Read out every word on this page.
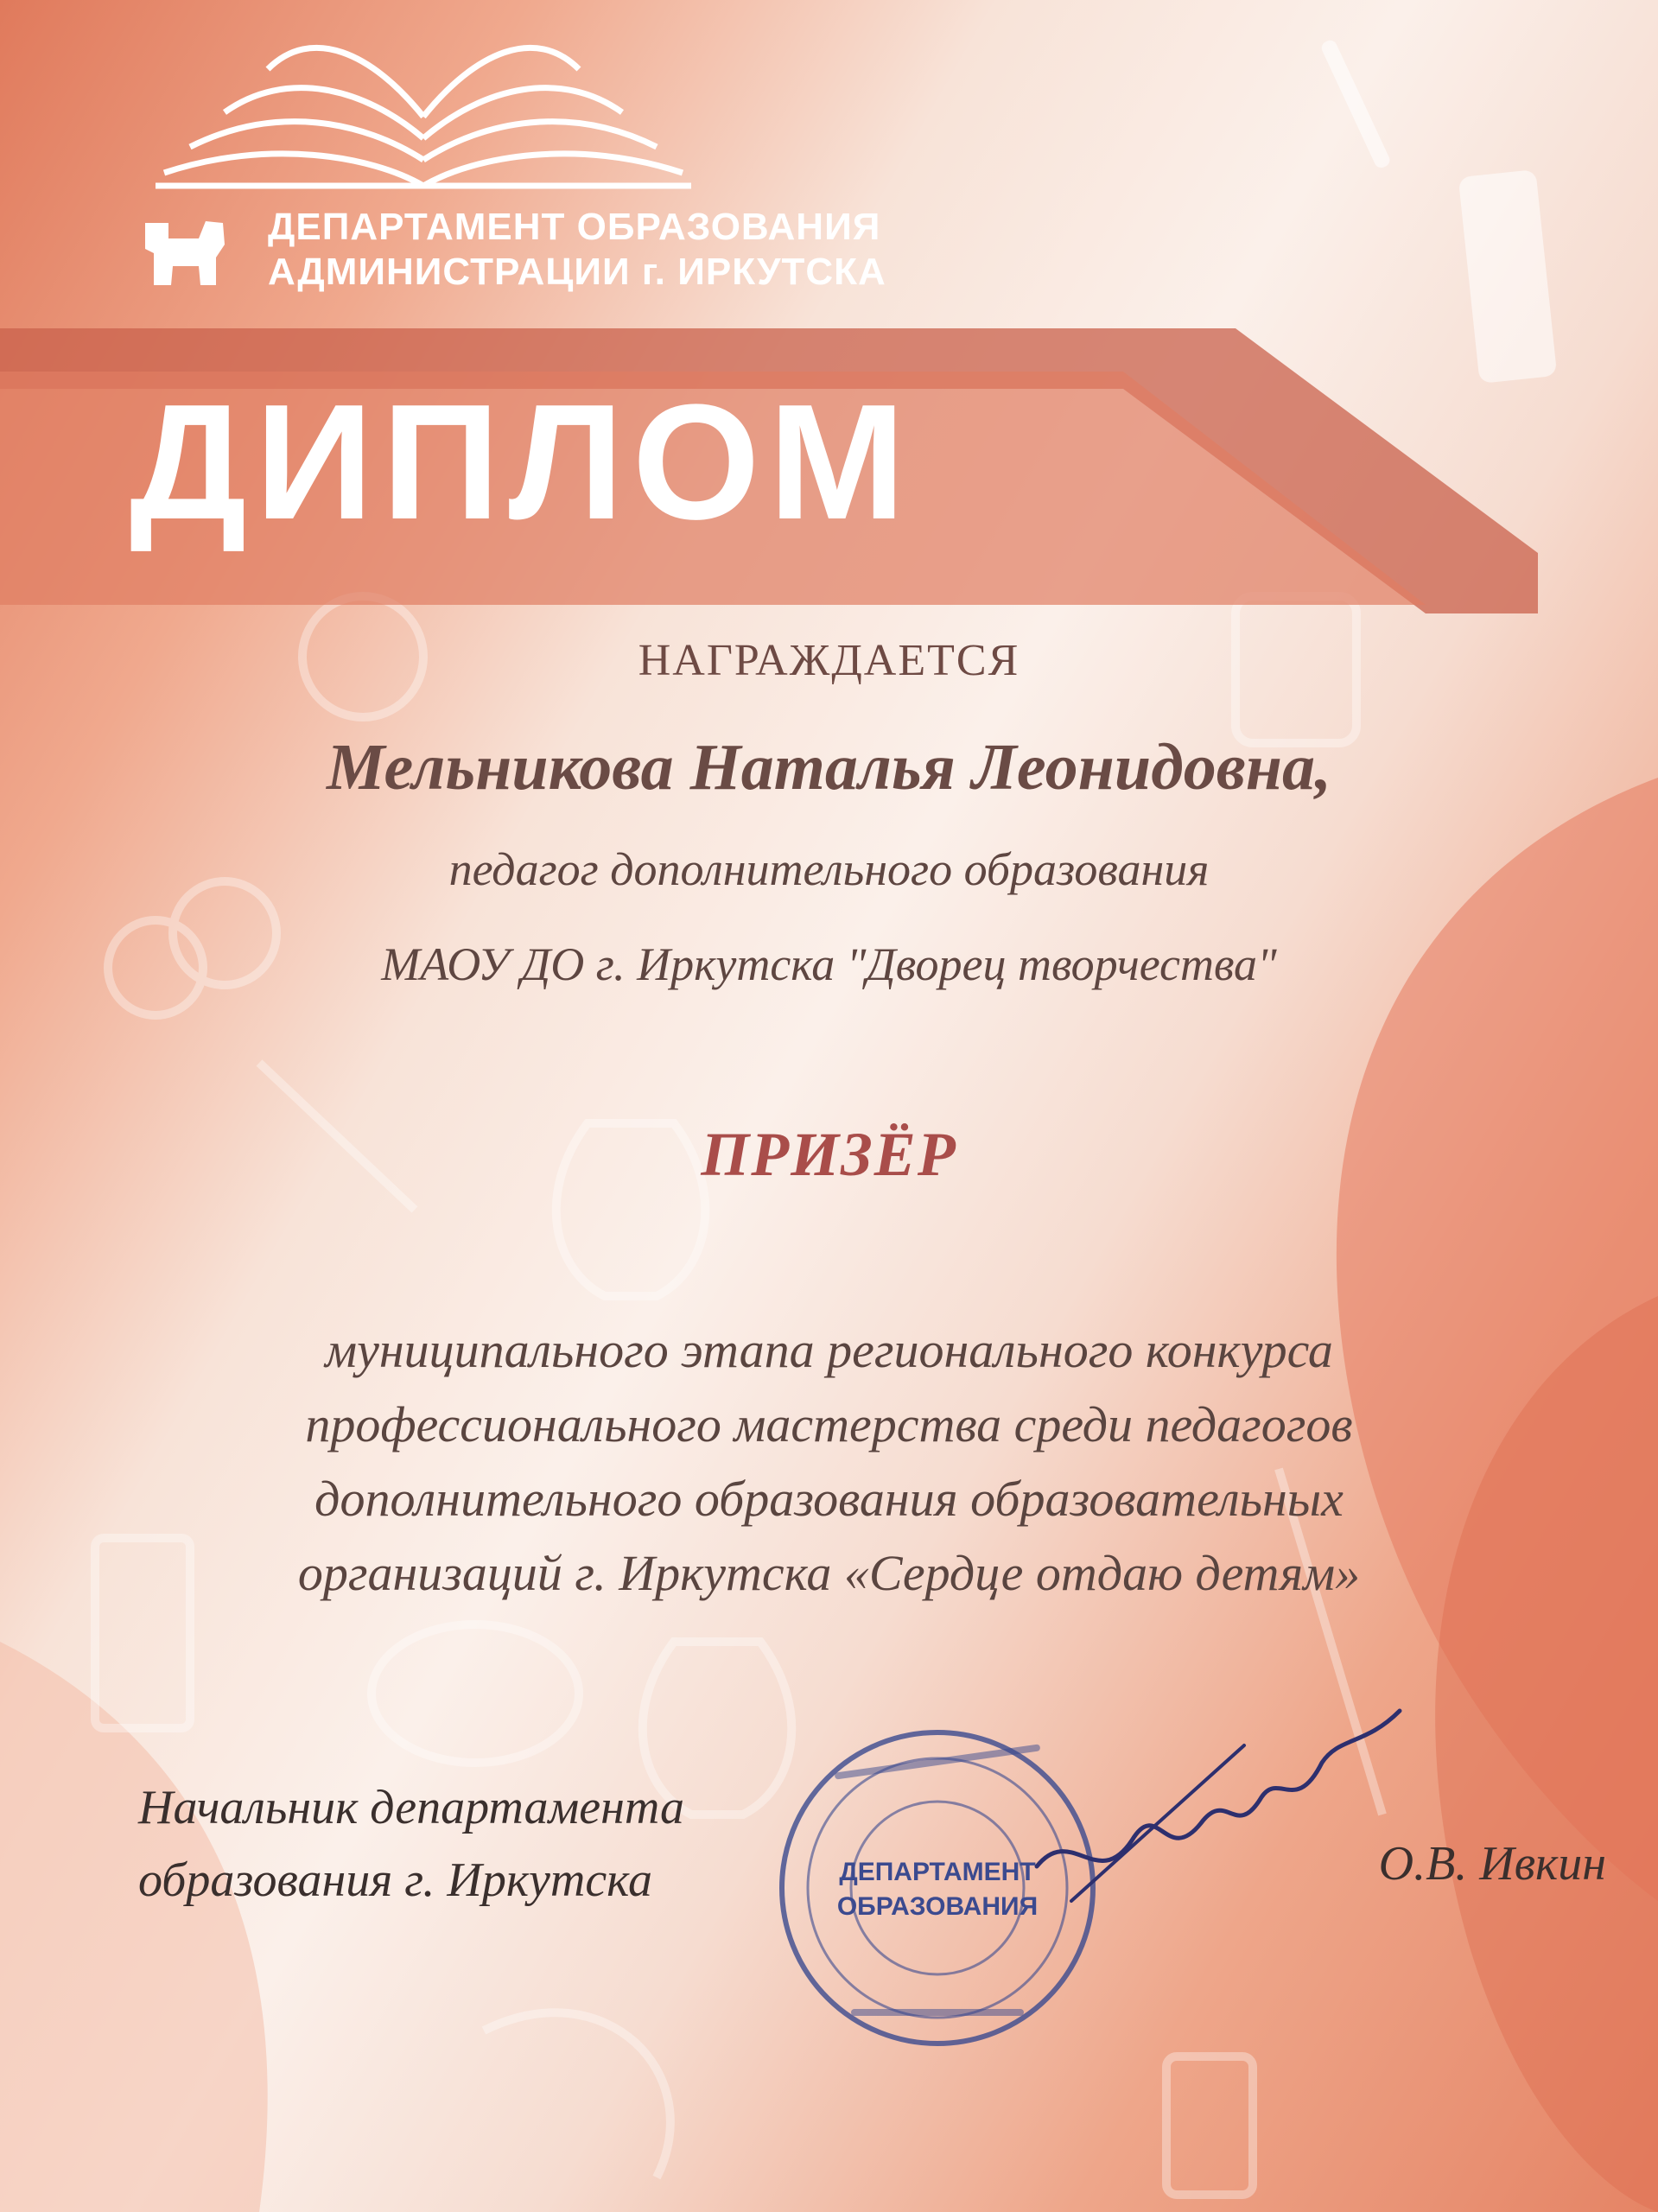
ДЕПАРТАМЕНТ ОБРАЗОВАНИЯ
АДМИНИСТРАЦИИ г. ИРКУТСКА
ДИПЛОМ
НАГРАЖДАЕТСЯ
Мельникова Наталья Леонидовна,
педагог дополнительного образования
МАОУ ДО г. Иркутска "Дворец творчества"
ПРИЗЁР
муниципального этапа регионального конкурса
профессионального мастерства среди педагогов
дополнительного образования образовательных
организаций г. Иркутска «Сердце отдаю детям»
Начальник департамента
образования г. Иркутска	ДЕПАРТАМЕНТ
ОБРАЗОВАНИЯ
О.В. Ивкин
